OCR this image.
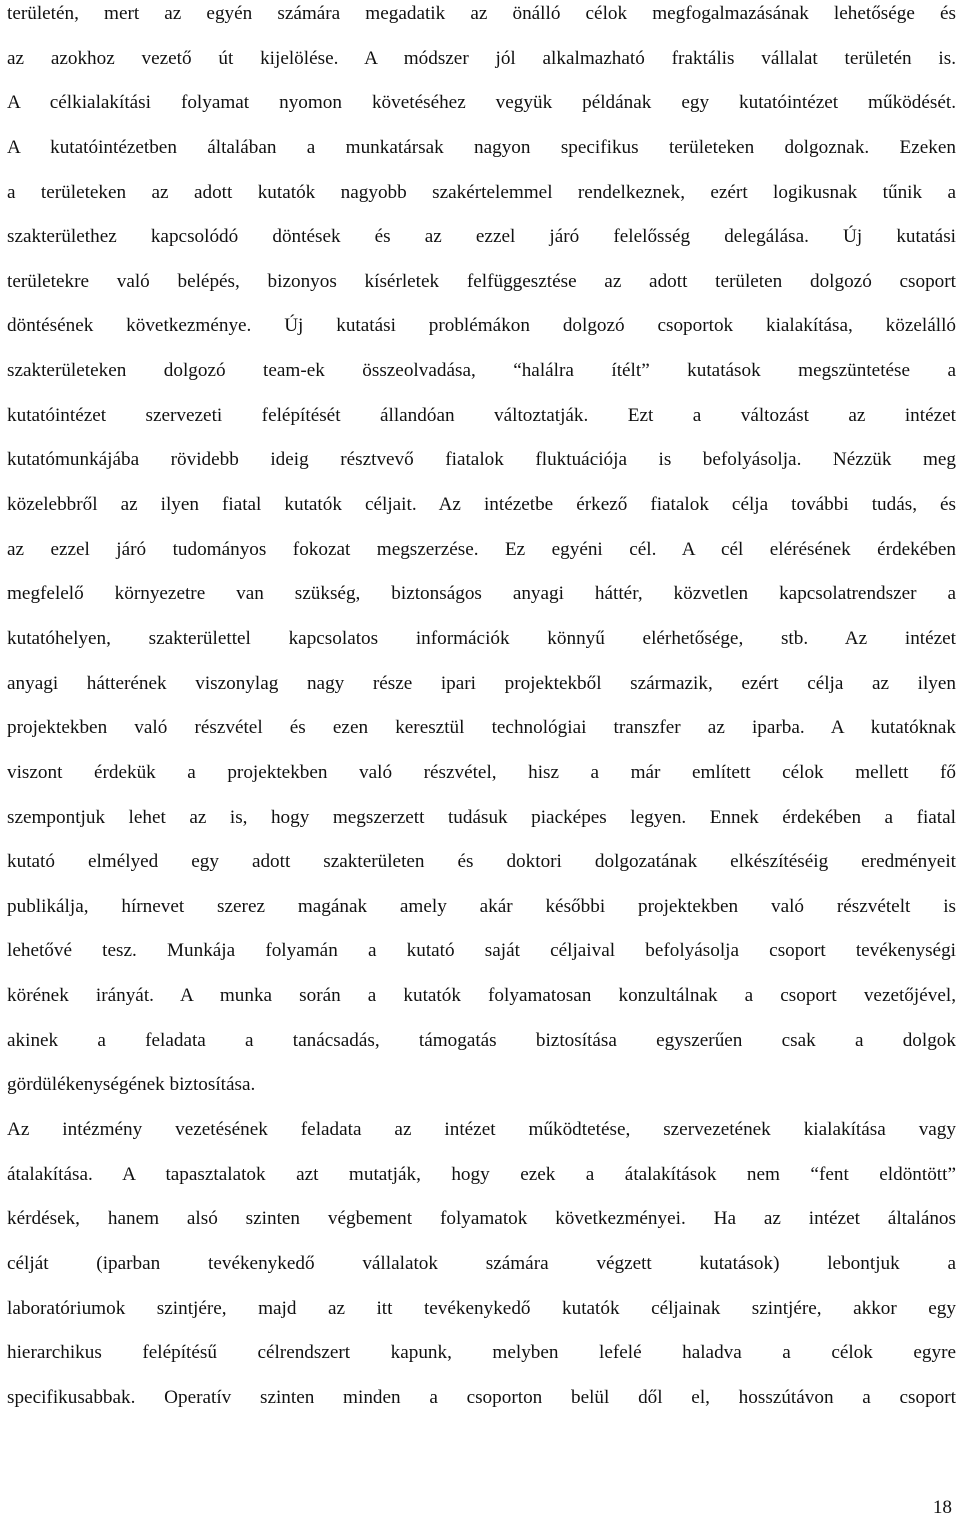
területén, mert az egyén számára megadatik az önálló célok megfogalmazásának lehetősége és
az azokhoz vezető út kijelölése. A módszer jól alkalmazható fraktális vállalat területén is.
A célkialakítási folyamat nyomon követéséhez vegyük példának egy kutatóintézet működését.
A kutatóintézetben általában a munkatársak nagyon specifikus területeken dolgoznak. Ezeken
a területeken az adott kutatók nagyobb szakértelemmel rendelkeznek, ezért logikusnak tűnik a
szakterülethez kapcsolódó döntések és az ezzel járó felelősség delegálása. Új kutatási
területekre való belépés, bizonyos kísérletek felfüggesztése az adott területen dolgozó csoport
döntésének következménye. Új kutatási problémákon dolgozó csoportok kialakítása, közelálló
szakterületeken dolgozó team-ek összeolvadása, “halálra ítélt” kutatások megszüntetése a
kutatóintézet szervezeti felépítését állandóan változtatják. Ezt a változást az intézet
kutatómunkájába rövidebb ideig résztvevő fiatalok fluktuációja is befolyásolja. Nézzük meg
közelebbről az ilyen fiatal kutatók céljait. Az intézetbe érkező fiatalok célja további tudás, és
az ezzel járó tudományos fokozat megszerzése. Ez egyéni cél. A cél elérésének érdekében
megfelelő környezetre van szükség, biztonságos anyagi háttér, közvetlen kapcsolatrendszer a
kutatóhelyen, szakterülettel kapcsolatos információk könnyű elérhetősége, stb. Az intézet
anyagi hátterének viszonylag nagy része ipari projektekből származik, ezért célja az ilyen
projektekben való részvétel és ezen keresztül technológiai transzfer az iparba. A kutatóknak
viszont érdekük a projektekben való részvétel, hisz a már említett célok mellett fő
szempontjuk lehet az is, hogy megszerzett tudásuk piacképes legyen. Ennek érdekében a fiatal
kutató elmélyed egy adott szakterületen és doktori dolgozatának elkészítéséig eredményeit
publikálja, hírnevet szerez magának amely akár későbbi projektekben való részvételt is
lehetővé tesz. Munkája folyamán a kutató saját céljaival befolyásolja csoport tevékenységi
körének irányát. A munka során a kutatók folyamatosan konzultálnak a csoport vezetőjével,
akinek a feladata a tanácsadás, támogatás biztosítása egyszerűen csak a dolgok
gördülékenységének biztosítása.
Az intézmény vezetésének feladata az intézet működtetése, szervezetének kialakítása vagy
átalakítása. A tapasztalatok azt mutatják, hogy ezek a átalakítások nem “fent eldöntött”
kérdések, hanem alsó szinten végbement folyamatok következményei. Ha az intézet általános
célját (iparban tevékenykedő vállalatok számára végzett kutatások) lebontjuk a
laboratóriumok szintjére, majd az itt tevékenykedő kutatók céljainak szintjére, akkor egy
hierarchikus felépítésű célrendszert kapunk, melyben lefelé haladva a célok egyre
specifikusabbak. Operatív szinten minden a csoporton belül dől el, hosszútávon a csoport
18
